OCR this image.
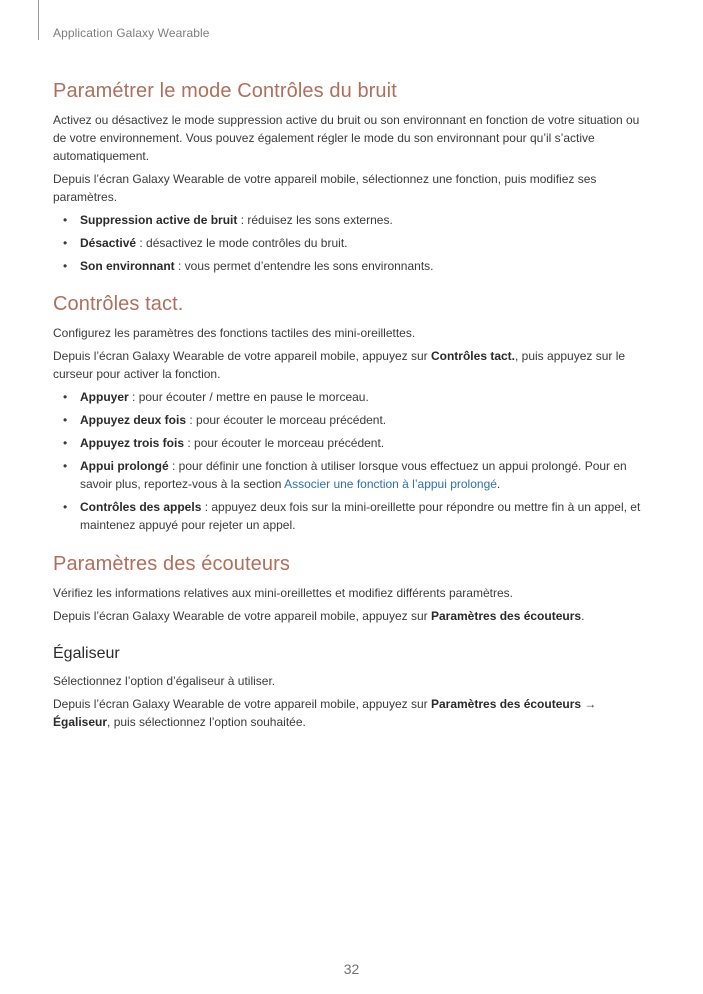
Application Galaxy Wearable
Paramétrer le mode Contrôles du bruit

Activez ou désactivez le mode suppression active du bruit ou son environnant en fonction de votre situation ou de votre environnement. Vous pouvez également régler le mode du son environnant pour qu’il s’active automatiquement.

Depuis l’écran Galaxy Wearable de votre appareil mobile, sélectionnez une fonction, puis modifiez ses paramètres.

• Suppression active de bruit : réduisez les sons externes.
• Désactivé : désactivez le mode contrôles du bruit.
• Son environnant : vous permet d’entendre les sons environnants.
Contrôles tact.

Configurez les paramètres des fonctions tactiles des mini-oreillettes.

Depuis l’écran Galaxy Wearable de votre appareil mobile, appuyez sur Contrôles tact., puis appuyez sur le curseur pour activer la fonction.

• Appuyer : pour écouter / mettre en pause le morceau.
• Appuyez deux fois : pour écouter le morceau précédent.
• Appuyez trois fois : pour écouter le morceau précédent.
• Appui prolongé : pour définir une fonction à utiliser lorsque vous effectuez un appui prolongé. Pour en savoir plus, reportez-vous à la section Associer une fonction à l’appui prolongé.
• Contrôles des appels : appuyez deux fois sur la mini-oreillette pour répondre ou mettre fin à un appel, et maintenez appuyé pour rejeter un appel.
Paramètres des écouteurs

Vérifiez les informations relatives aux mini-oreillettes et modifiez différents paramètres.

Depuis l’écran Galaxy Wearable de votre appareil mobile, appuyez sur Paramètres des écouteurs.

Égaliseur

Sélectionnez l’option d’égaliseur à utiliser.

Depuis l’écran Galaxy Wearable de votre appareil mobile, appuyez sur Paramètres des écouteurs → Égaliseur, puis sélectionnez l’option souhaitée.

32
